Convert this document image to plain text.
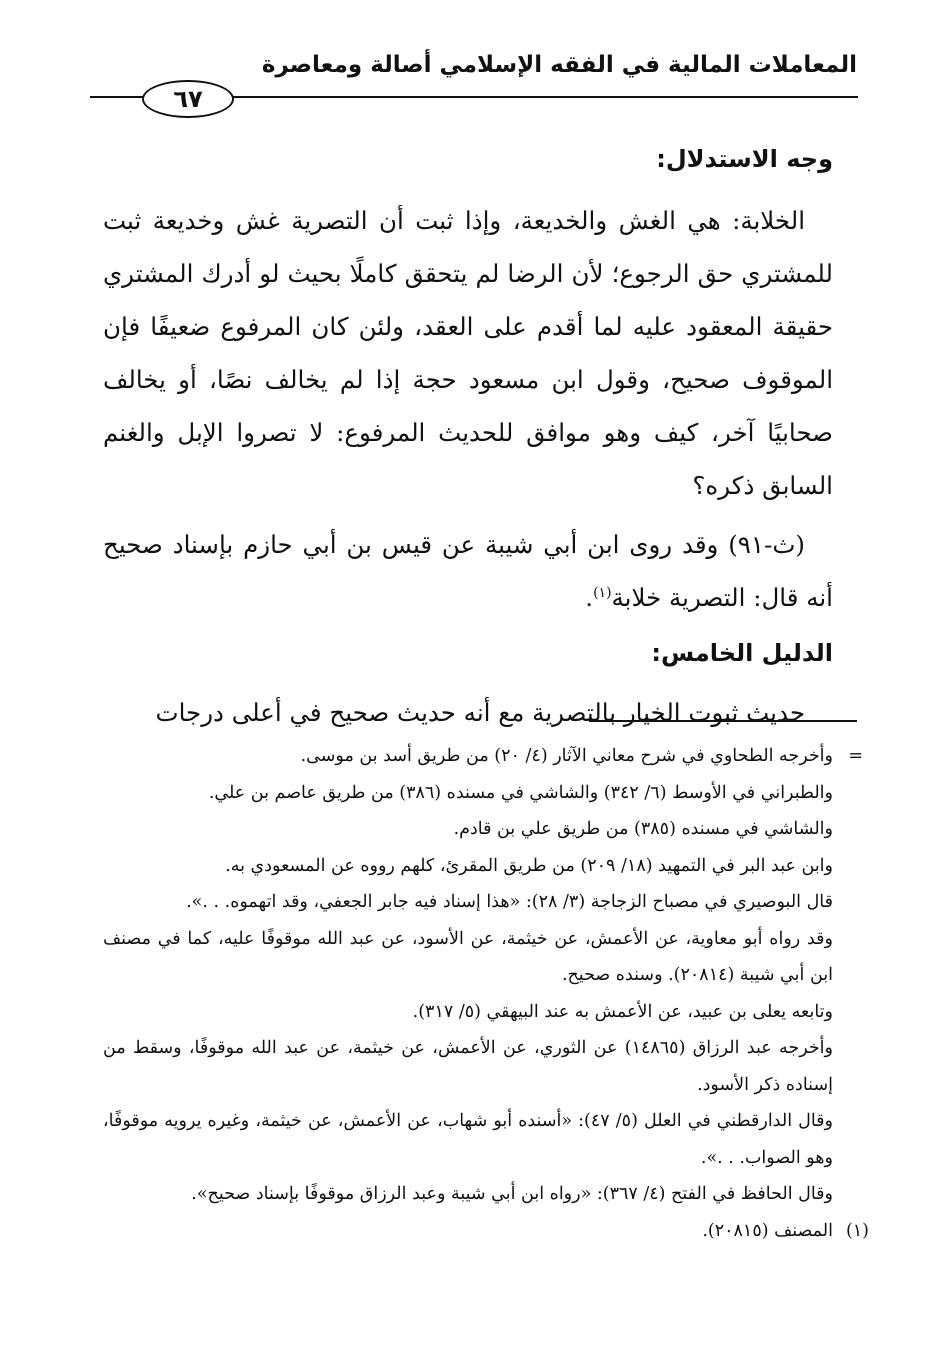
المعاملات المالية في الفقه الإسلامي أصالة ومعاصرة
٦٧
وجه الاستدلال:

الخلابة: هي الغش والخديعة، وإذا ثبت أن التصرية غش وخديعة ثبت للمشتري حق الرجوع؛ لأن الرضا لم يتحقق كاملًا بحيث لو أدرك المشتري حقيقة المعقود عليه لما أقدم على العقد، ولئن كان المرفوع ضعيفًا فإن الموقوف صحيح، وقول ابن مسعود حجة إذا لم يخالف نصًا، أو يخالف صحابيًا آخر، كيف وهو موافق للحديث المرفوع: لا تصروا الإبل والغنم السابق ذكره؟

(ث-٩١) وقد روى ابن أبي شيبة عن قيس بن أبي حازم بإسناد صحيح أنه قال: التصرية خلابة$^{(١)}$.

الدليل الخامس:

حديث ثبوت الخيار بالتصرية مع أنه حديث صحيح في أعلى درجات

=
وأخرجه الطحاوي في شرح معاني الآثار (٤/ ٢٠) من طريق أسد بن موسى.

والطبراني في الأوسط (٦/ ٣٤٢) والشاشي في مسنده (٣٨٦) من طريق عاصم بن علي.

والشاشي في مسنده (٣٨٥) من طريق علي بن قادم.

وابن عبد البر في التمهيد (١٨/ ٢٠٩) من طريق المقرئ، كلهم رووه عن المسعودي به.

قال البوصيري في مصباح الزجاجة (٣/ ٢٨): «هذا إسناد فيه جابر الجعفي، وقد اتهموه. . .».

وقد رواه أبو معاوية، عن الأعمش، عن خيثمة، عن الأسود، عن عبد الله موقوفًا عليه، كما في مصنف ابن أبي شيبة (٢٠٨١٤). وسنده صحيح.

وتابعه يعلى بن عبيد، عن الأعمش به عند البيهقي (٥/ ٣١٧).

وأخرجه عبد الرزاق (١٤٨٦٥) عن الثوري، عن الأعمش، عن خيثمة، عن عبد الله موقوفًا، وسقط من إسناده ذكر الأسود.

وقال الدارقطني في العلل (٥/ ٤٧): «أسنده أبو شهاب، عن الأعمش، عن خيثمة، وغيره يرويه موقوفًا، وهو الصواب. . .».

وقال الحافظ في الفتح (٤/ ٣٦٧): «رواه ابن أبي شيبة وعبد الرزاق موقوفًا بإسناد صحيح».

(١)
المصنف (٢٠٨١٥).
